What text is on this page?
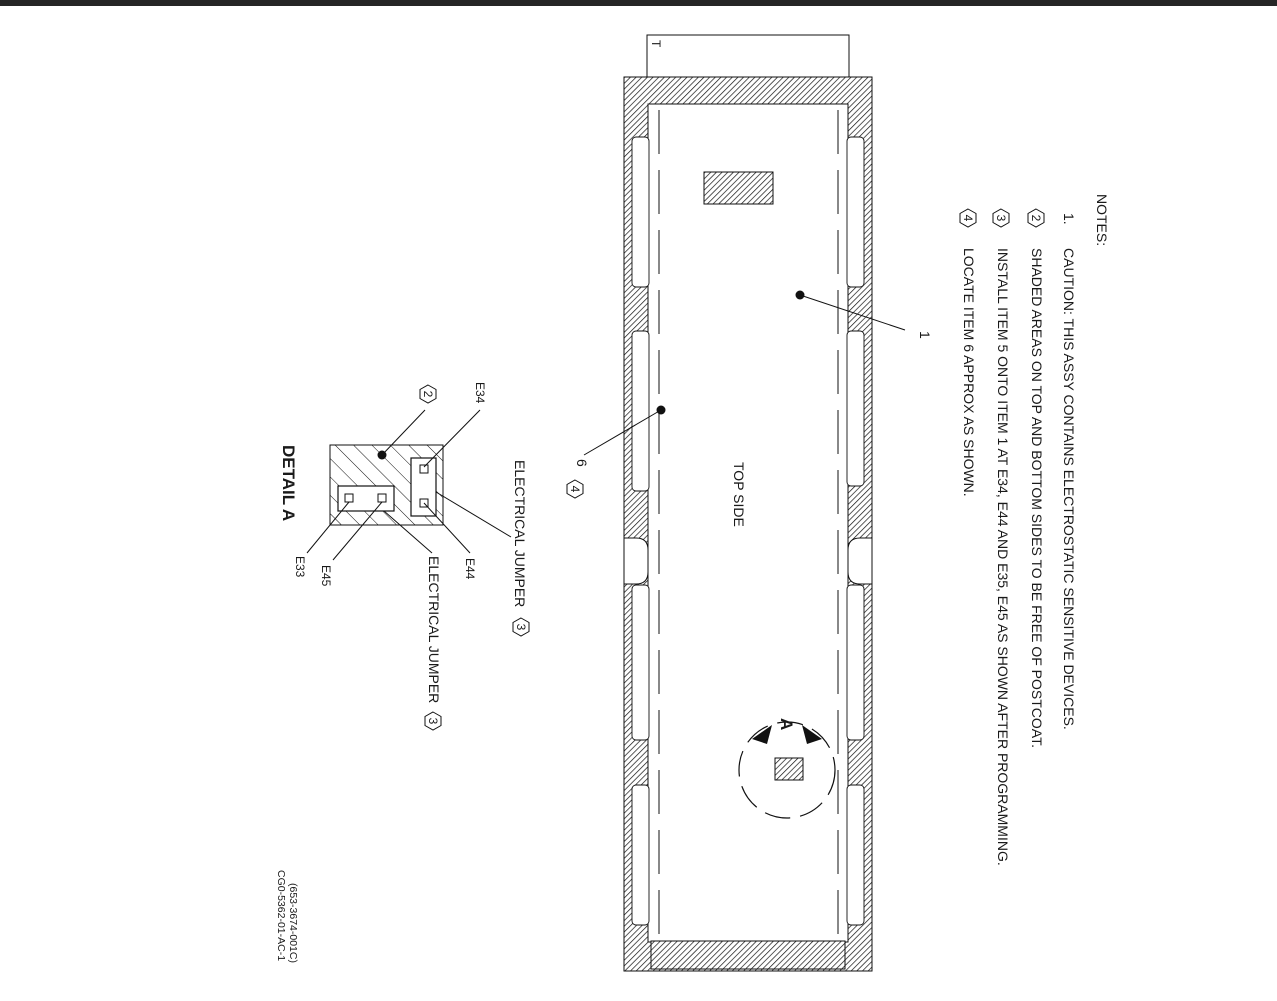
NOTES:
1.
CAUTION: THIS ASSY CONTAINS ELECTROSTATIC SENSITIVE DEVICES.
2
SHADED AREAS ON TOP AND BOTTOM SIDES TO BE FREE OF POSTCOAT.
3
INSTALL ITEM 5 ONTO ITEM 1 AT E34, E44 AND E35, E45 AS SHOWN AFTER PROGRAMMING.
4
LOCATE ITEM 6 APPROX AS SHOWN.
T
TOP SIDE
1
6
4
A
2	E34
ELECTRICAL JUMPER
3
E44
ELECTRICAL JUMPER
3
E45
E33
DETAIL A
(653-3674-001C)
CG0-5362-01-AC-1
